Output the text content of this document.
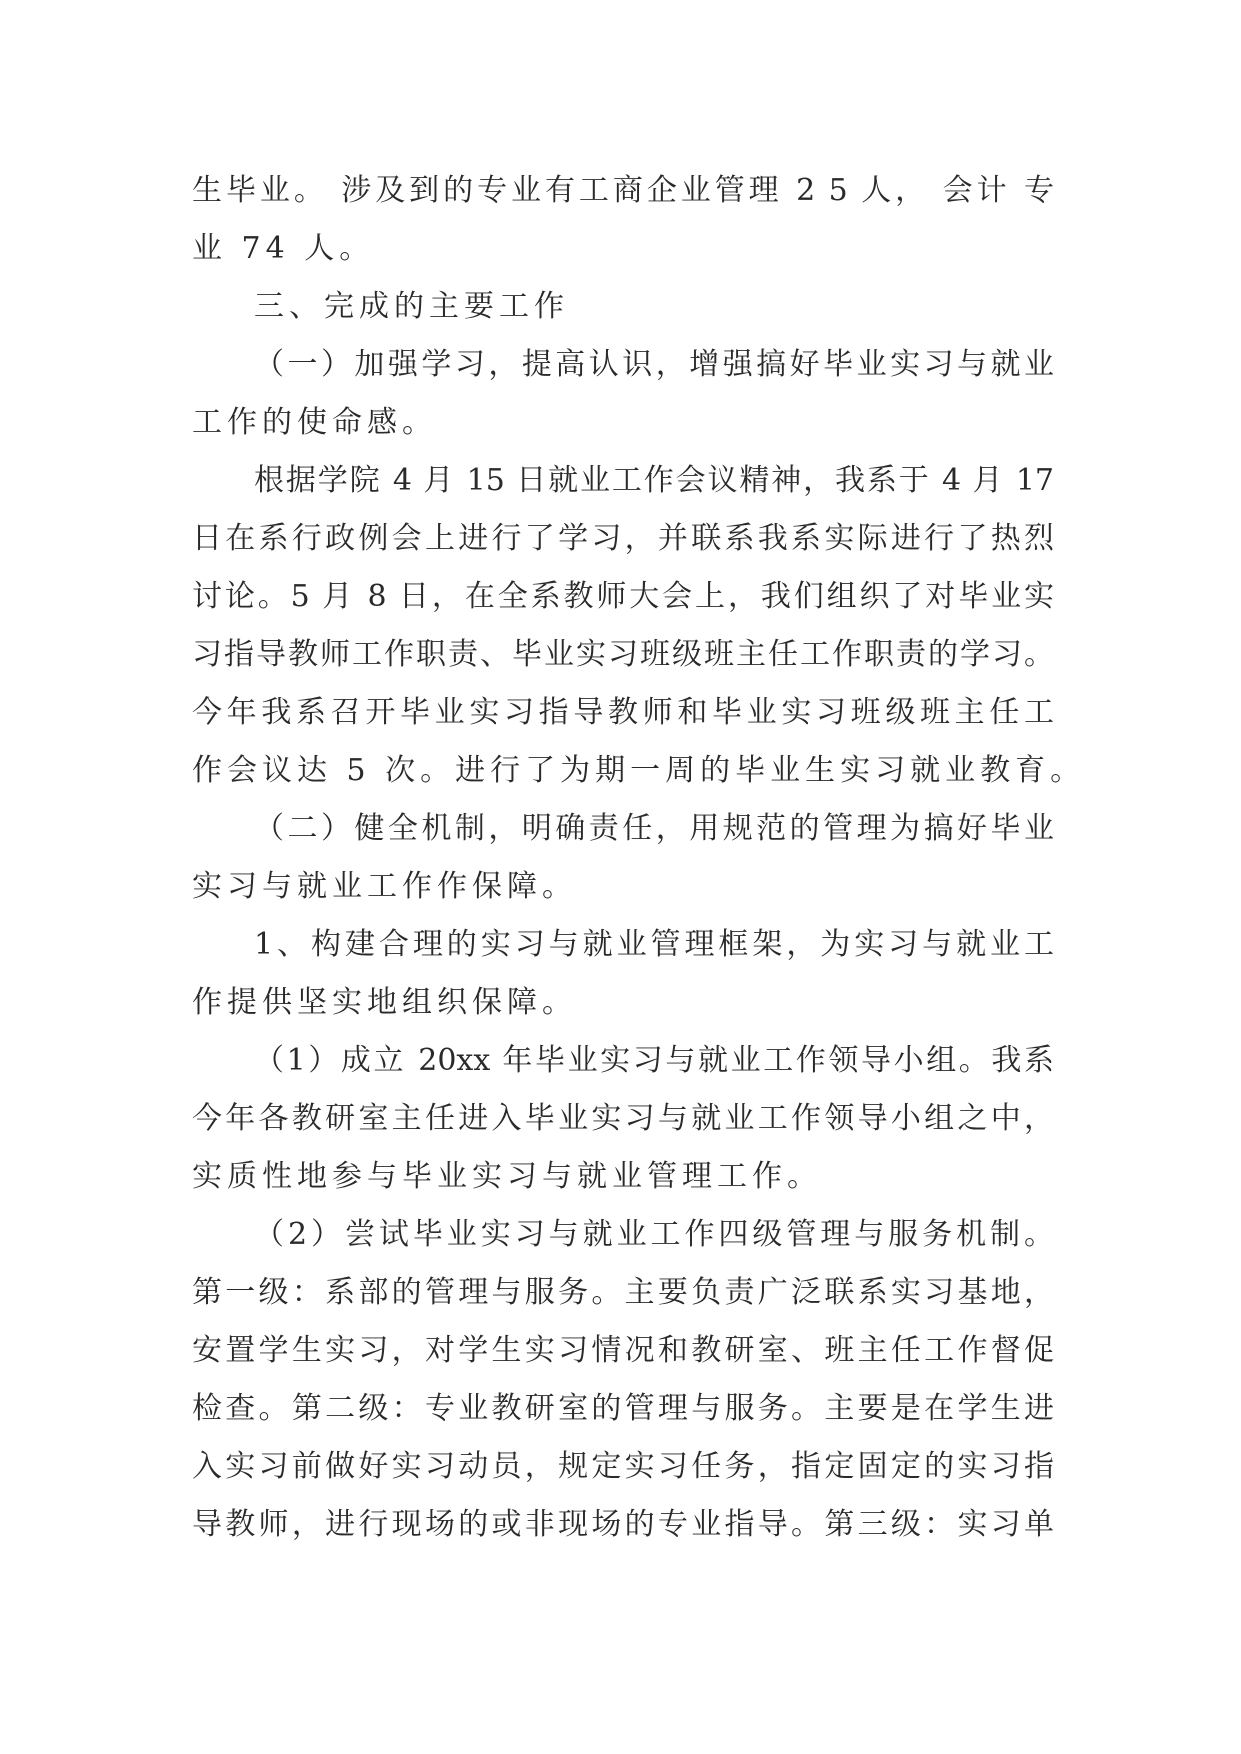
生毕业。 涉及到的专业有工商企业管理 2 5 人， 会计 专
业 74 人。
三、完成的主要工作
（一）加强学习，提高认识，增强搞好毕业实习与就业
工作的使命感。
根据学院 4 月 15 日就业工作会议精神，我系于 4 月 17
日在系行政例会上进行了学习，并联系我系实际进行了热烈
讨论。5 月 8 日，在全系教师大会上，我们组织了对毕业实
习指导教师工作职责、毕业实习班级班主任工作职责的学习。
今年我系召开毕业实习指导教师和毕业实习班级班主任工
作会议达 5 次。进行了为期一周的毕业生实习就业教育。
（二）健全机制，明确责任，用规范的管理为搞好毕业
实习与就业工作作保障。
1、构建合理的实习与就业管理框架，为实习与就业工
作提供坚实地组织保障。
（1）成立 20xx 年毕业实习与就业工作领导小组。我系
今年各教研室主任进入毕业实习与就业工作领导小组之中，
实质性地参与毕业实习与就业管理工作。
（2）尝试毕业实习与就业工作四级管理与服务机制。
第一级：系部的管理与服务。主要负责广泛联系实习基地，
安置学生实习，对学生实习情况和教研室、班主任工作督促
检查。第二级：专业教研室的管理与服务。主要是在学生进
入实习前做好实习动员，规定实习任务，指定固定的实习指
导教师，进行现场的或非现场的专业指导。第三级：实习单
